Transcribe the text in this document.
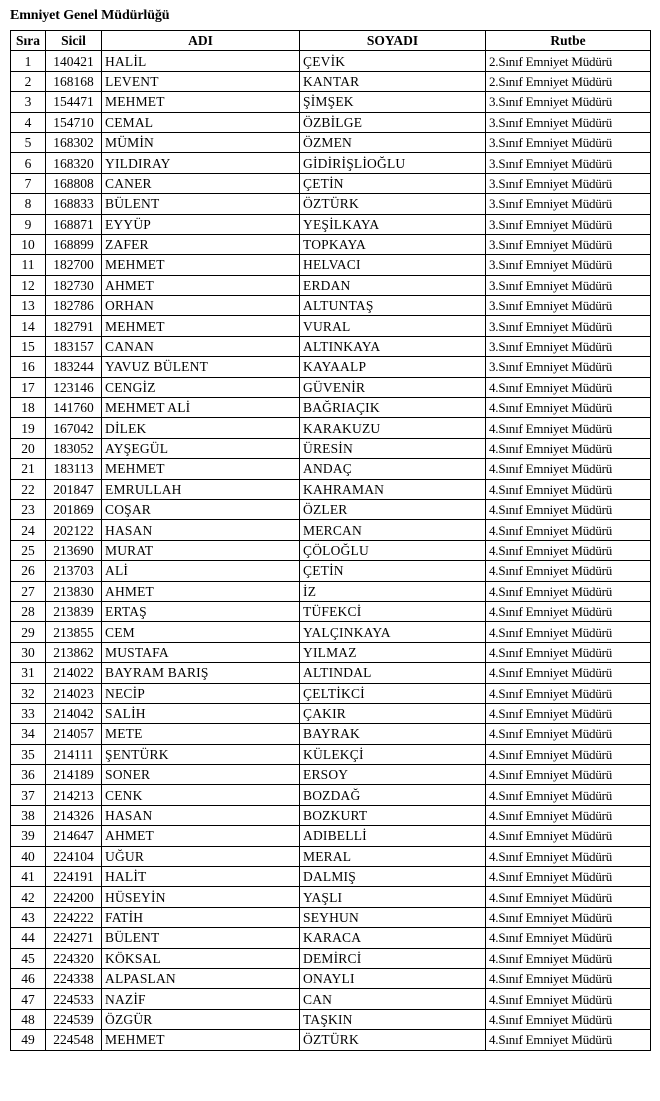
Emniyet Genel Müdürlüğü
Sıra	Sicil	ADI	SOYADI	Rutbe
1	140421	HALİL	ÇEVİK	2.Sınıf Emniyet Müdürü
2	168168	LEVENT	KANTAR	2.Sınıf Emniyet Müdürü
3	154471	MEHMET	ŞİMŞEK	3.Sınıf Emniyet Müdürü
4	154710	CEMAL	ÖZBİLGE	3.Sınıf Emniyet Müdürü
5	168302	MÜMİN	ÖZMEN	3.Sınıf Emniyet Müdürü
6	168320	YILDIRAY	GİDİRİŞLİOĞLU	3.Sınıf Emniyet Müdürü
7	168808	CANER	ÇETİN	3.Sınıf Emniyet Müdürü
8	168833	BÜLENT	ÖZTÜRK	3.Sınıf Emniyet Müdürü
9	168871	EYYÜP	YEŞİLKAYA	3.Sınıf Emniyet Müdürü
10	168899	ZAFER	TOPKAYA	3.Sınıf Emniyet Müdürü
11	182700	MEHMET	HELVACI	3.Sınıf Emniyet Müdürü
12	182730	AHMET	ERDAN	3.Sınıf Emniyet Müdürü
13	182786	ORHAN	ALTUNTAŞ	3.Sınıf Emniyet Müdürü
14	182791	MEHMET	VURAL	3.Sınıf Emniyet Müdürü
15	183157	CANAN	ALTINKAYA	3.Sınıf Emniyet Müdürü
16	183244	YAVUZ BÜLENT	KAYAALP	3.Sınıf Emniyet Müdürü
17	123146	CENGİZ	GÜVENİR	4.Sınıf Emniyet Müdürü
18	141760	MEHMET ALİ	BAĞRIAÇIK	4.Sınıf Emniyet Müdürü
19	167042	DİLEK	KARAKUZU	4.Sınıf Emniyet Müdürü
20	183052	AYŞEGÜL	ÜRESİN	4.Sınıf Emniyet Müdürü
21	183113	MEHMET	ANDAÇ	4.Sınıf Emniyet Müdürü
22	201847	EMRULLAH	KAHRAMAN	4.Sınıf Emniyet Müdürü
23	201869	COŞAR	ÖZLER	4.Sınıf Emniyet Müdürü
24	202122	HASAN	MERCAN	4.Sınıf Emniyet Müdürü
25	213690	MURAT	ÇÖLOĞLU	4.Sınıf Emniyet Müdürü
26	213703	ALİ	ÇETİN	4.Sınıf Emniyet Müdürü
27	213830	AHMET	İZ	4.Sınıf Emniyet Müdürü
28	213839	ERTAŞ	TÜFEKCİ	4.Sınıf Emniyet Müdürü
29	213855	CEM	YALÇINKAYA	4.Sınıf Emniyet Müdürü
30	213862	MUSTAFA	YILMAZ	4.Sınıf Emniyet Müdürü
31	214022	BAYRAM BARIŞ	ALTINDAL	4.Sınıf Emniyet Müdürü
32	214023	NECİP	ÇELTİKCİ	4.Sınıf Emniyet Müdürü
33	214042	SALİH	ÇAKIR	4.Sınıf Emniyet Müdürü
34	214057	METE	BAYRAK	4.Sınıf Emniyet Müdürü
35	214111	ŞENTÜRK	KÜLEKÇİ	4.Sınıf Emniyet Müdürü
36	214189	SONER	ERSOY	4.Sınıf Emniyet Müdürü
37	214213	CENK	BOZDAĞ	4.Sınıf Emniyet Müdürü
38	214326	HASAN	BOZKURT	4.Sınıf Emniyet Müdürü
39	214647	AHMET	ADIBELLİ	4.Sınıf Emniyet Müdürü
40	224104	UĞUR	MERAL	4.Sınıf Emniyet Müdürü
41	224191	HALİT	DALMIŞ	4.Sınıf Emniyet Müdürü
42	224200	HÜSEYİN	YAŞLI	4.Sınıf Emniyet Müdürü
43	224222	FATİH	SEYHUN	4.Sınıf Emniyet Müdürü
44	224271	BÜLENT	KARACA	4.Sınıf Emniyet Müdürü
45	224320	KÖKSAL	DEMİRCİ	4.Sınıf Emniyet Müdürü
46	224338	ALPASLAN	ONAYLI	4.Sınıf Emniyet Müdürü
47	224533	NAZİF	CAN	4.Sınıf Emniyet Müdürü
48	224539	ÖZGÜR	TAŞKIN	4.Sınıf Emniyet Müdürü
49	224548	MEHMET	ÖZTÜRK	4.Sınıf Emniyet Müdürü
